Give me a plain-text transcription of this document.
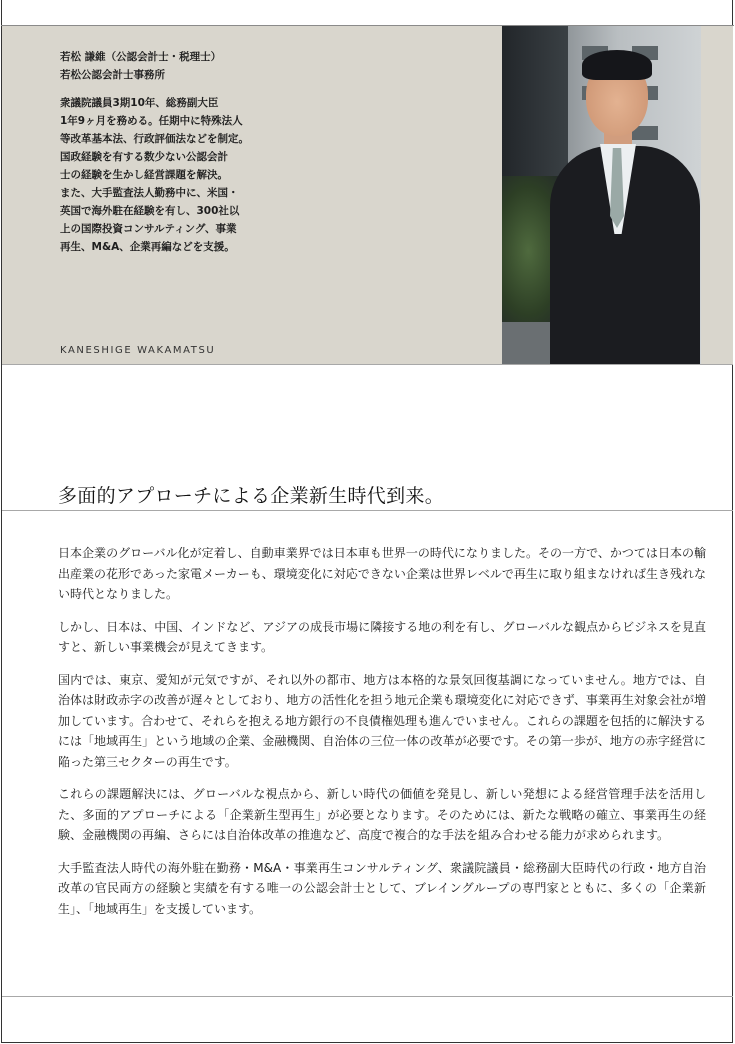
若松 謙維（公認会計士・税理士）
若松公認会計士事務所
衆議院議員3期10年、総務副大臣
1年9ヶ月を務める。任期中に特殊法人
等改革基本法、行政評価法などを制定。
国政経験を有する数少ない公認会計
士の経験を生かし経営課題を解決。
また、大手監査法人勤務中に、米国・
英国で海外駐在経験を有し、300社以
上の国際投資コンサルティング、事業
再生、M&A、企業再編などを支援。
KANESHIGE WAKAMATSU
多面的アプローチによる企業新生時代到来。

日本企業のグローバル化が定着し、自動車業界では日本車も世界一の時代になりました。その一方で、かつては日本の輸出産業の花形であった家電メーカーも、環境変化に対応できない企業は世界レベルで再生に取り組まなければ生き残れない時代となりました。

しかし、日本は、中国、インドなど、アジアの成長市場に隣接する地の利を有し、グローバルな観点からビジネスを見直すと、新しい事業機会が見えてきます。

国内では、東京、愛知が元気ですが、それ以外の都市、地方は本格的な景気回復基調になっていません。地方では、自治体は財政赤字の改善が遅々としており、地方の活性化を担う地元企業も環境変化に対応できず、事業再生対象会社が増加しています。合わせて、それらを抱える地方銀行の不良債権処理も進んでいません。これらの課題を包括的に解決するには「地域再生」という地域の企業、金融機関、自治体の三位一体の改革が必要です。その第一歩が、地方の赤字経営に陥った第三セクターの再生です。

これらの課題解決には、グローバルな視点から、新しい時代の価値を発見し、新しい発想による経営管理手法を活用した、多面的アプローチによる「企業新生型再生」が必要となります。そのためには、新たな戦略の確立、事業再生の経験、金融機関の再編、さらには自治体改革の推進など、高度で複合的な手法を組み合わせる能力が求められます。

大手監査法人時代の海外駐在勤務・M&A・事業再生コンサルティング、衆議院議員・総務副大臣時代の行政・地方自治改革の官民両方の経験と実績を有する唯一の公認会計士として、ブレイングループの専門家とともに、多くの「企業新生」、「地域再生」を支援しています。
